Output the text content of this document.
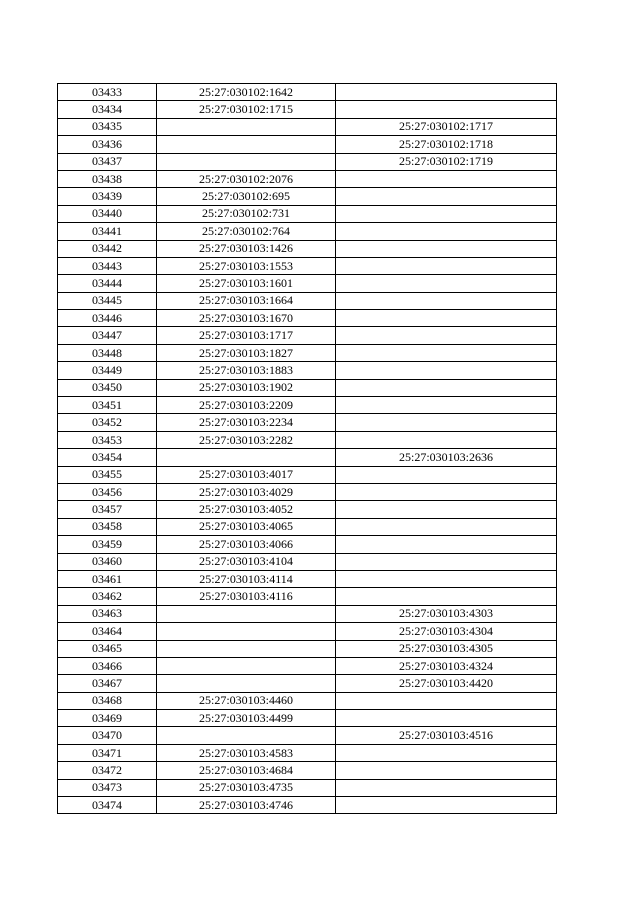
03433	25:27:030102:1642	
03434	25:27:030102:1715	
03435		25:27:030102:1717
03436		25:27:030102:1718
03437		25:27:030102:1719
03438	25:27:030102:2076	
03439	25:27:030102:695	
03440	25:27:030102:731	
03441	25:27:030102:764	
03442	25:27:030103:1426	
03443	25:27:030103:1553	
03444	25:27:030103:1601	
03445	25:27:030103:1664	
03446	25:27:030103:1670	
03447	25:27:030103:1717	
03448	25:27:030103:1827	
03449	25:27:030103:1883	
03450	25:27:030103:1902	
03451	25:27:030103:2209	
03452	25:27:030103:2234	
03453	25:27:030103:2282	
03454		25:27:030103:2636
03455	25:27:030103:4017	
03456	25:27:030103:4029	
03457	25:27:030103:4052	
03458	25:27:030103:4065	
03459	25:27:030103:4066	
03460	25:27:030103:4104	
03461	25:27:030103:4114	
03462	25:27:030103:4116	
03463		25:27:030103:4303
03464		25:27:030103:4304
03465		25:27:030103:4305
03466		25:27:030103:4324
03467		25:27:030103:4420
03468	25:27:030103:4460	
03469	25:27:030103:4499	
03470		25:27:030103:4516
03471	25:27:030103:4583	
03472	25:27:030103:4684	
03473	25:27:030103:4735	
03474	25:27:030103:4746	
